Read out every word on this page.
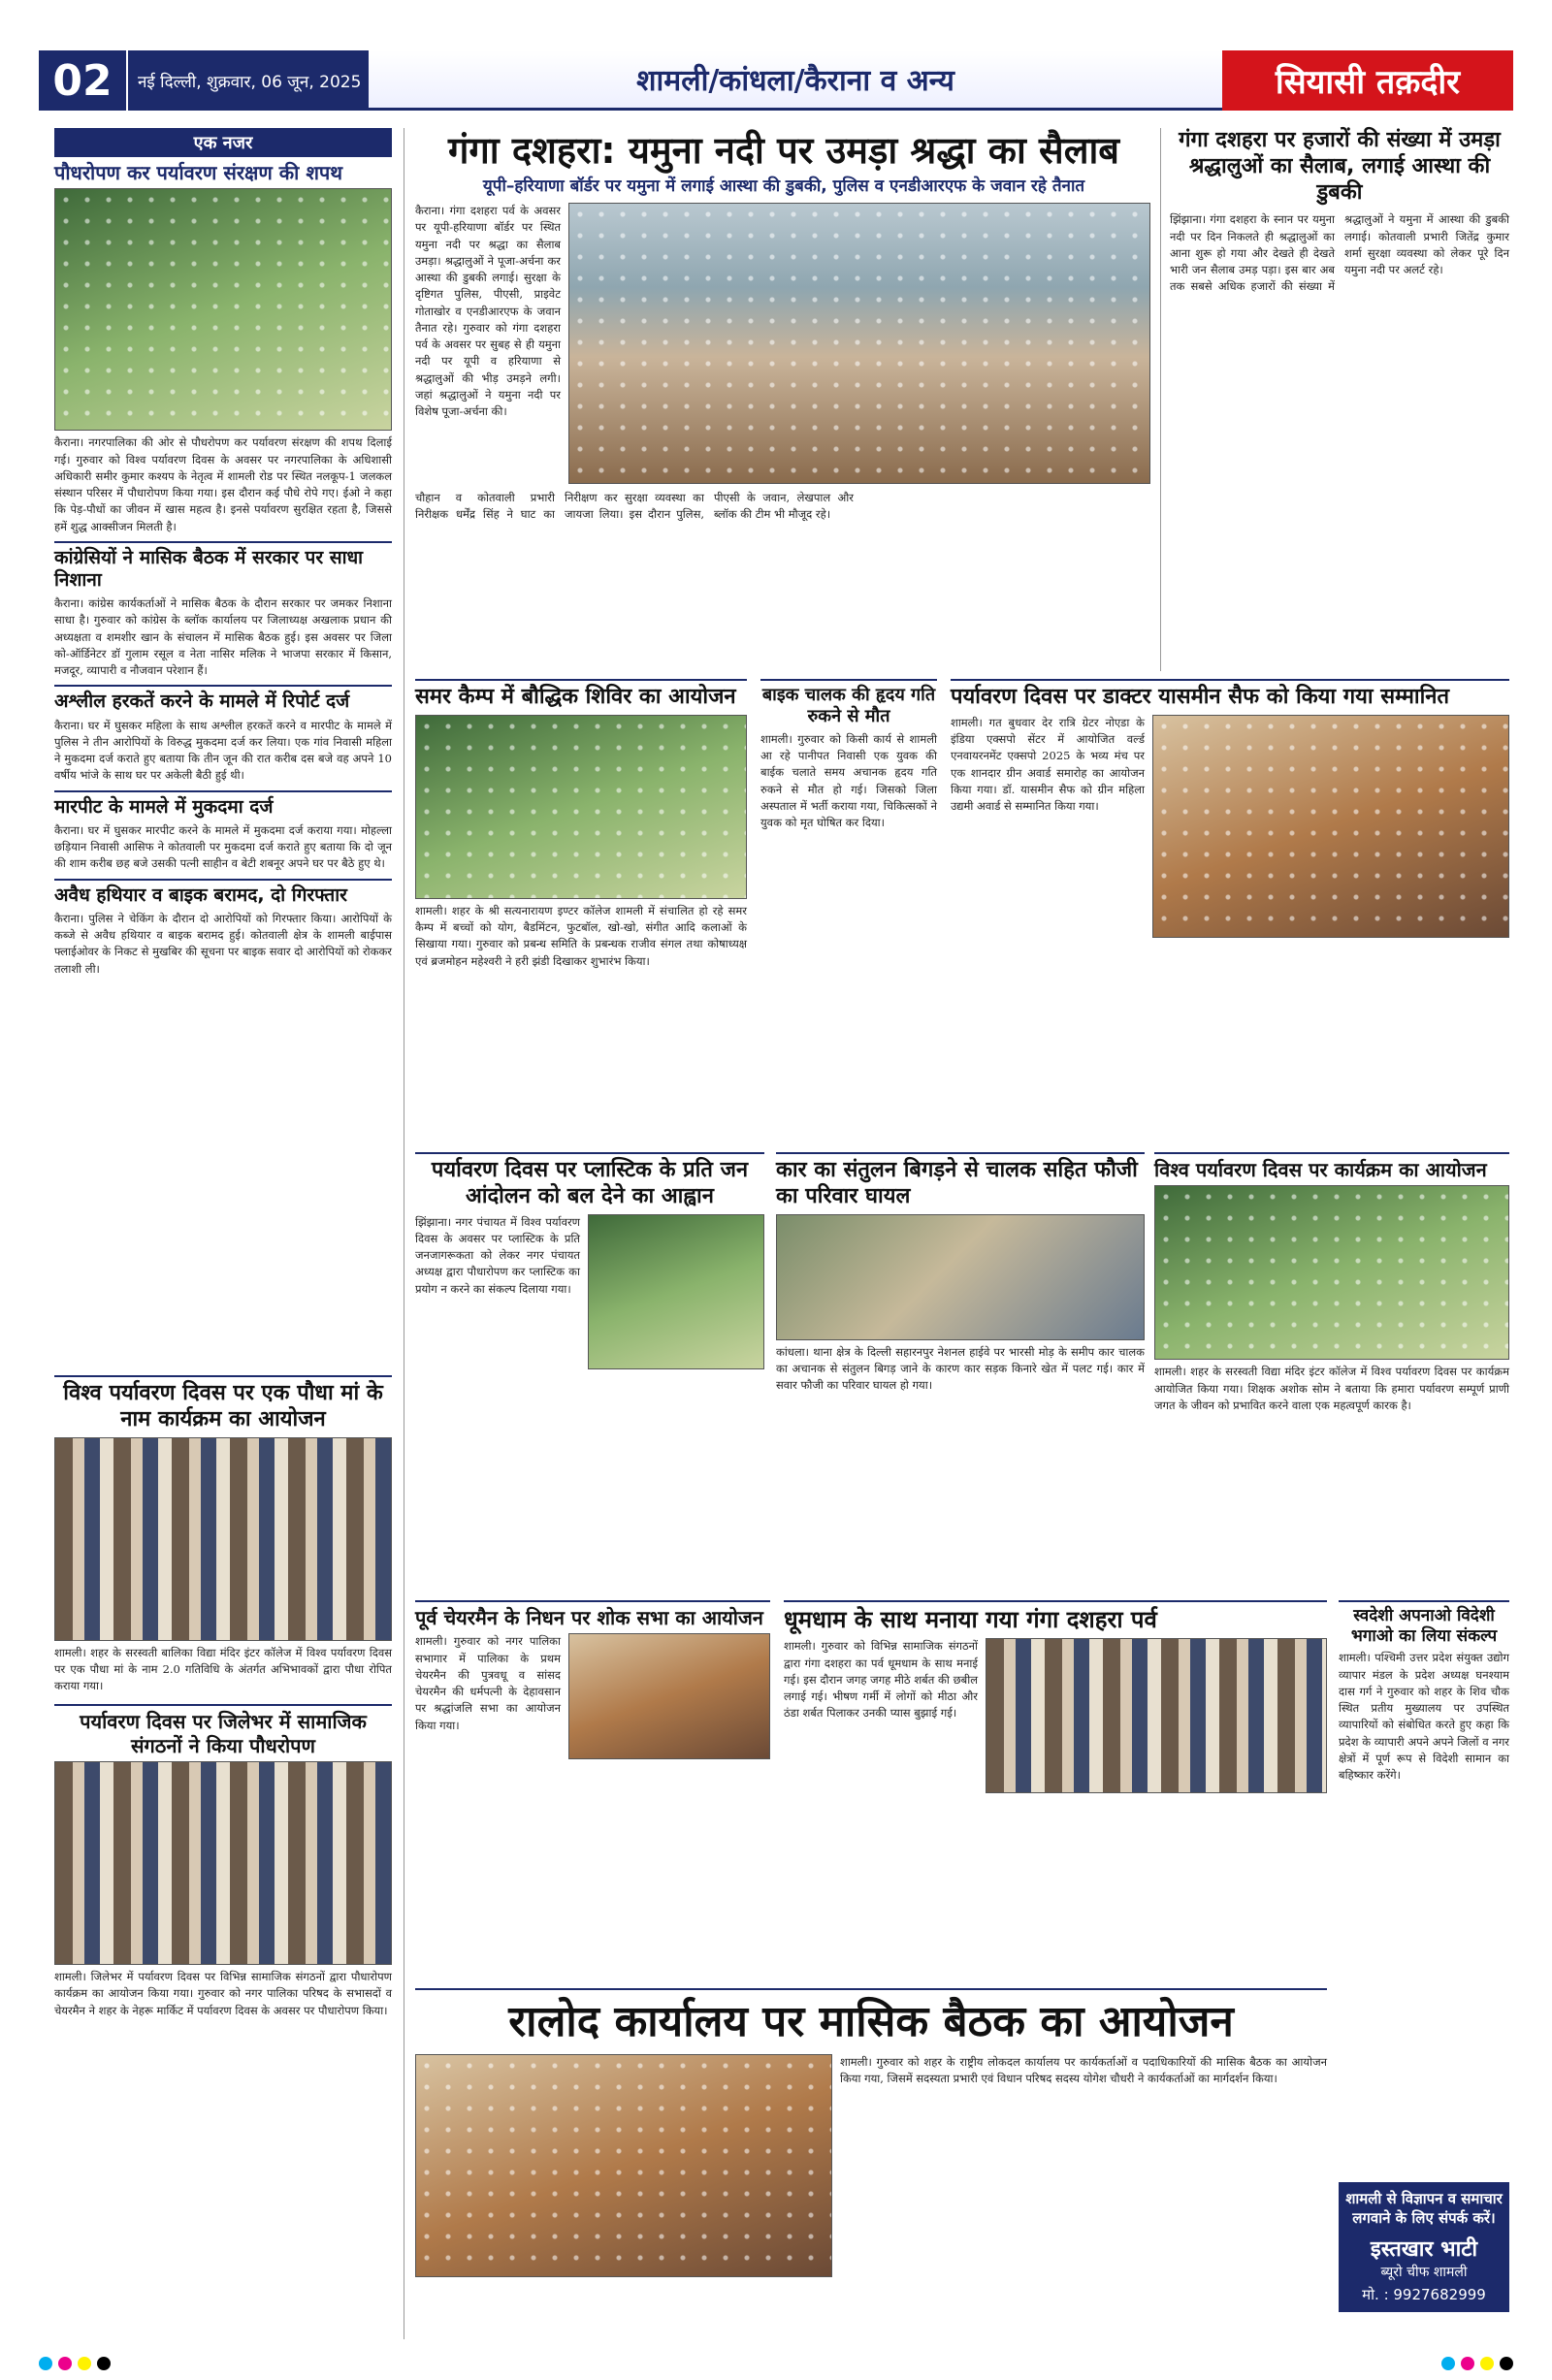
02	नई दिल्ली, शुक्रवार, 06 जून, 2025	शामली/कांधला/कैराना व अन्य	सियासी तक़दीर
एक नजर
पौधरोपण कर पर्यावरण संरक्षण की शपथ
कैराना। नगरपालिका की ओर से पौधरोपण कर पर्यावरण संरक्षण की शपथ दिलाई गई। गुरुवार को विश्व पर्यावरण दिवस के अवसर पर नगरपालिका के अधिशासी अधिकारी समीर कुमार कश्यप के नेतृत्व में शामली रोड पर स्थित नलकूप-1 जलकल संस्थान परिसर में पौधारोपण किया गया। इस दौरान कई पौधे रोपे गए। ईओ ने कहा कि पेड़-पौधों का जीवन में खास महत्व है। इनसे पर्यावरण सुरक्षित रहता है, जिससे हमें शुद्ध आक्सीजन मिलती है।
कांग्रेसियों ने मासिक बैठक में सरकार पर साधा निशाना
कैराना। कांग्रेस कार्यकर्ताओं ने मासिक बैठक के दौरान सरकार पर जमकर निशाना साधा है। गुरुवार को कांग्रेस के ब्लॉक कार्यालय पर जिलाध्यक्ष अखलाक प्रधान की अध्यक्षता व शमशीर खान के संचालन में मासिक बैठक हुई। इस अवसर पर जिला को-ऑर्डिनेटर डॉ गुलाम रसूल व नेता नासिर मलिक ने भाजपा सरकार में किसान, मजदूर, व्यापारी व नौजवान परेशान हैं।
अश्लील हरकतें करने के मामले में रिपोर्ट दर्ज
कैराना। घर में घुसकर महिला के साथ अश्लील हरकतें करने व मारपीट के मामले में पुलिस ने तीन आरोपियों के विरुद्ध मुकदमा दर्ज कर लिया। एक गांव निवासी महिला ने मुकदमा दर्ज कराते हुए बताया कि तीन जून की रात करीब दस बजे वह अपने 10 वर्षीय भांजे के साथ घर पर अकेली बैठी हुई थी।
मारपीट के मामले में मुकदमा दर्ज
कैराना। घर में घुसकर मारपीट करने के मामले में मुकदमा दर्ज कराया गया। मोहल्ला छड़ियान निवासी आसिफ ने कोतवाली पर मुकदमा दर्ज कराते हुए बताया कि दो जून की शाम करीब छह बजे उसकी पत्नी साहीन व बेटी शबनूर अपने घर पर बैठे हुए थे।
अवैध हथियार व बाइक बरामद, दो गिरफ्तार
कैराना। पुलिस ने चेकिंग के दौरान दो आरोपियों को गिरफ्तार किया। आरोपियों के कब्जे से अवैध हथियार व बाइक बरामद हुई। कोतवाली क्षेत्र के शामली बाईपास फ्लाईओवर के निकट से मुखबिर की सूचना पर बाइक सवार दो आरोपियों को रोककर तलाशी ली।
विश्व पर्यावरण दिवस पर एक पौधा मां के नाम कार्यक्रम का आयोजन
शामली। शहर के सरस्वती बालिका विद्या मंदिर इंटर कॉलेज में विश्व पर्यावरण दिवस पर एक पौधा मां के नाम 2.0 गतिविधि के अंतर्गत अभिभावकों द्वारा पौधा रोपित कराया गया।
पर्यावरण दिवस पर जिलेभर में सामाजिक संगठनों ने किया पौधरोपण
शामली। जिलेभर में पर्यावरण दिवस पर विभिन्न सामाजिक संगठनों द्वारा पौधारोपण कार्यक्रम का आयोजन किया गया। गुरुवार को नगर पालिका परिषद के सभासदों व चेयरमैन ने शहर के नेहरू मार्किट में पर्यावरण दिवस के अवसर पर पौधारोपण किया।
गंगा दशहरा: यमुना नदी पर उमड़ा श्रद्धा का सैलाब
यूपी–हरियाणा बॉर्डर पर यमुना में लगाई आस्था की डुबकी, पुलिस व एनडीआरएफ के जवान रहे तैनात
कैराना। गंगा दशहरा पर्व के अवसर पर यूपी-हरियाणा बॉर्डर पर स्थित यमुना नदी पर श्रद्धा का सैलाब उमड़ा। श्रद्धालुओं ने पूजा-अर्चना कर आस्था की डुबकी लगाई। सुरक्षा के दृष्टिगत पुलिस, पीएसी, प्राइवेट गोताखोर व एनडीआरएफ के जवान तैनात रहे। गुरुवार को गंगा दशहरा पर्व के अवसर पर सुबह से ही यमुना नदी पर यूपी व हरियाणा से श्रद्धालुओं की भीड़ उमड़ने लगी। जहां श्रद्धालुओं ने यमुना नदी पर विशेष पूजा-अर्चना की।
चौहान व कोतवाली प्रभारी निरीक्षक धर्मेंद्र सिंह ने घाट का निरीक्षण कर सुरक्षा व्यवस्था का जायजा लिया। इस दौरान पुलिस, पीएसी के जवान, लेखपाल और ब्लॉक की टीम भी मौजूद रहे।
गंगा दशहरा पर हजारों की संख्या में उमड़ा श्रद्धालुओं का सैलाब, लगाई आस्था की डुबकी
झिंझाना। गंगा दशहरा के स्नान पर यमुना नदी पर दिन निकलते ही श्रद्धालुओं का आना शुरू हो गया और देखते ही देखते भारी जन सैलाब उमड़ पड़ा। इस बार अब तक सबसे अधिक हजारों की संख्या में श्रद्धालुओं ने यमुना में आस्था की डुबकी लगाई। कोतवाली प्रभारी जितेंद्र कुमार शर्मा सुरक्षा व्यवस्था को लेकर पूरे दिन यमुना नदी पर अलर्ट रहे।
समर कैम्प में बौद्धिक शिविर का आयोजन
शामली। शहर के श्री सत्यनारायण इण्टर कॉलेज शामली में संचालित हो रहे समर कैम्प में बच्चों को योग, बैडमिंटन, फुटबॉल, खो-खो, संगीत आदि कलाओं के सिखाया गया। गुरुवार को प्रबन्ध समिति के प्रबन्धक राजीव संगल तथा कोषाध्यक्ष एवं ब्रजमोहन महेश्वरी ने हरी झंडी दिखाकर शुभारंभ किया।
बाइक चालक की हृदय गति रुकने से मौत
शामली। गुरुवार को किसी कार्य से शामली आ रहे पानीपत निवासी एक युवक की बाईक चलाते समय अचानक हृदय गति रुकने से मौत हो गई। जिसको जिला अस्पताल में भर्ती कराया गया, चिकित्सकों ने युवक को मृत घोषित कर दिया।
पर्यावरण दिवस पर डाक्टर यासमीन सैफ को किया गया सम्मानित
शामली। गत बुधवार देर रात्रि ग्रेटर नोएडा के इंडिया एक्सपो सेंटर में आयोजित वर्ल्ड एनवायरनमेंट एक्सपो 2025 के भव्य मंच पर एक शानदार ग्रीन अवार्ड समारोह का आयोजन किया गया। डॉ. यासमीन सैफ को ग्रीन महिला उद्यमी अवार्ड से सम्मानित किया गया।
पर्यावरण दिवस पर प्लास्टिक के प्रति जन आंदोलन को बल देने का आह्वान
झिंझाना। नगर पंचायत में विश्व पर्यावरण दिवस के अवसर पर प्लास्टिक के प्रति जनजागरूकता को लेकर नगर पंचायत अध्यक्ष द्वारा पौधारोपण कर प्लास्टिक का प्रयोग न करने का संकल्प दिलाया गया।
कार का संतुलन बिगड़ने से चालक सहित फौजी का परिवार घायल
कांधला। थाना क्षेत्र के दिल्ली सहारनपुर नेशनल हाईवे पर भारसी मोड़ के समीप कार चालक का अचानक से संतुलन बिगड़ जाने के कारण कार सड़क किनारे खेत में पलट गई। कार में सवार फौजी का परिवार घायल हो गया।
विश्व पर्यावरण दिवस पर कार्यक्रम का आयोजन
शामली। शहर के सरस्वती विद्या मंदिर इंटर कॉलेज में विश्व पर्यावरण दिवस पर कार्यक्रम आयोजित किया गया। शिक्षक अशोक सोम ने बताया कि हमारा पर्यावरण सम्पूर्ण प्राणी जगत के जीवन को प्रभावित करने वाला एक महत्वपूर्ण कारक है।
पूर्व चेयरमैन के निधन पर शोक सभा का आयोजन
शामली। गुरुवार को नगर पालिका सभागार में पालिका के प्रथम चेयरमैन की पुत्रवधू व सांसद चेयरमैन की धर्मपत्नी के देहावसान पर श्रद्धांजलि सभा का आयोजन किया गया।
धूमधाम के साथ मनाया गया गंगा दशहरा पर्व
शामली। गुरुवार को विभिन्न सामाजिक संगठनों द्वारा गंगा दशहरा का पर्व धूमधाम के साथ मनाई गई। इस दौरान जगह जगह मीठे शर्बत की छबील लगाई गई। भीषण गर्मी में लोगों को मीठा और ठंडा शर्बत पिलाकर उनकी प्यास बुझाई गई।
स्वदेशी अपनाओ विदेशी भगाओ का लिया संकल्प
शामली। पश्चिमी उत्तर प्रदेश संयुक्त उद्योग व्यापार मंडल के प्रदेश अध्यक्ष घनश्याम दास गर्ग ने गुरुवार को शहर के शिव चौक स्थित प्रतीय मुख्यालय पर उपस्थित व्यापारियों को संबोधित करते हुए कहा कि प्रदेश के व्यापारी अपने अपने जिलों व नगर क्षेत्रों में पूर्ण रूप से विदेशी सामान का बहिष्कार करेंगे।
रालोद कार्यालय पर मासिक बैठक का आयोजन
शामली। गुरुवार को शहर के राष्ट्रीय लोकदल कार्यालय पर कार्यकर्ताओं व पदाधिकारियों की मासिक बैठक का आयोजन किया गया, जिसमें सदस्यता प्रभारी एवं विधान परिषद सदस्य योगेश चौधरी ने कार्यकर्ताओं का मार्गदर्शन किया।
शामली से विज्ञापन व समाचार लगवाने के लिए संपर्क करें।
इस्तखार भाटी
ब्यूरो चीफ शामली
मो. : 9927682999
